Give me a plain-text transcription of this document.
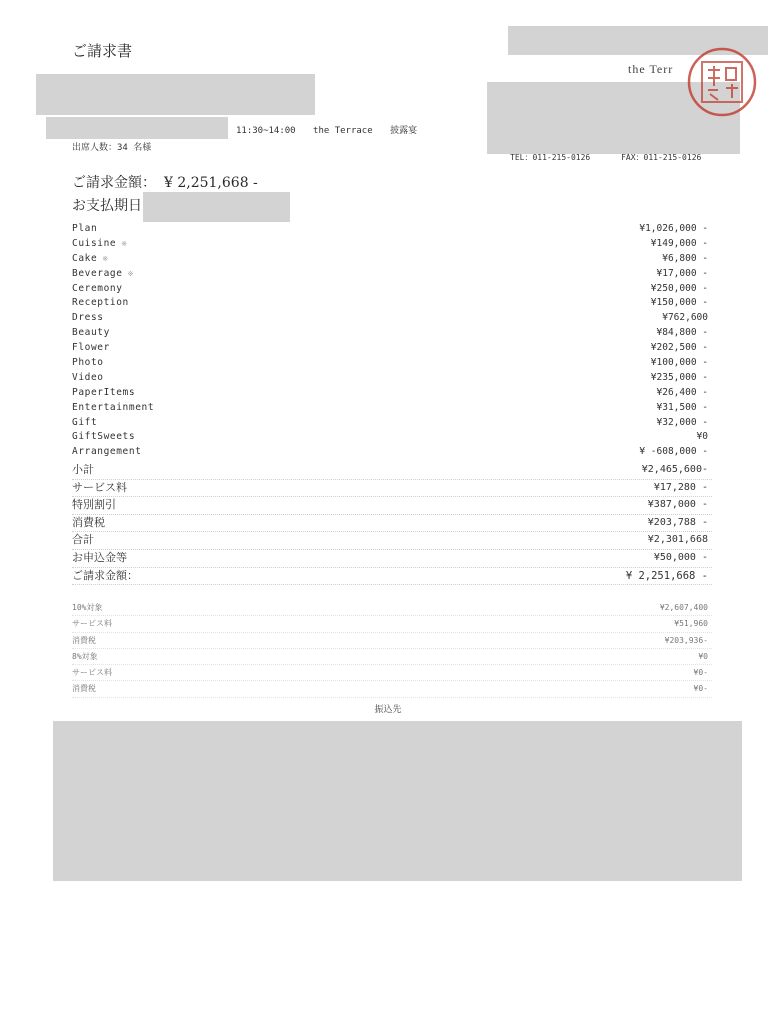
ご請求書
the Terr
11:30~14:00 the Terrace 披露宴
出席人数：34 名様
TEL：011-215-0126	FAX：011-215-0126
ご請求金額： ¥ 2,251,668 -
お支払期日
Plan	¥1,026,000 -
Cuisine ※	¥149,000 -
Cake ※	¥6,800 -
Beverage ※	¥17,000 -
Ceremony	¥250,000 -
Reception	¥150,000 -
Dress	¥762,600
Beauty	¥84,800 -
Flower	¥202,500 -
Photo	¥100,000 -
Video	¥235,000 -
PaperItems	¥26,400 -
Entertainment	¥31,500 -
Gift	¥32,000 -
GiftSweets	¥0
Arrangement	¥ -608,000 -
小計	¥2,465,600-
サービス料	¥17,280 -
特別割引	¥387,000 -
消費税	¥203,788 -
合計	¥2,301,668
お申込金等	¥50,000 -
ご請求金額：	¥ 2,251,668 -
10%対象	¥2,607,400
サービス料	¥51,960
消費税	¥203,936-
8%対象	¥0
サービス料	¥0-
消費税	¥0-
振込先
